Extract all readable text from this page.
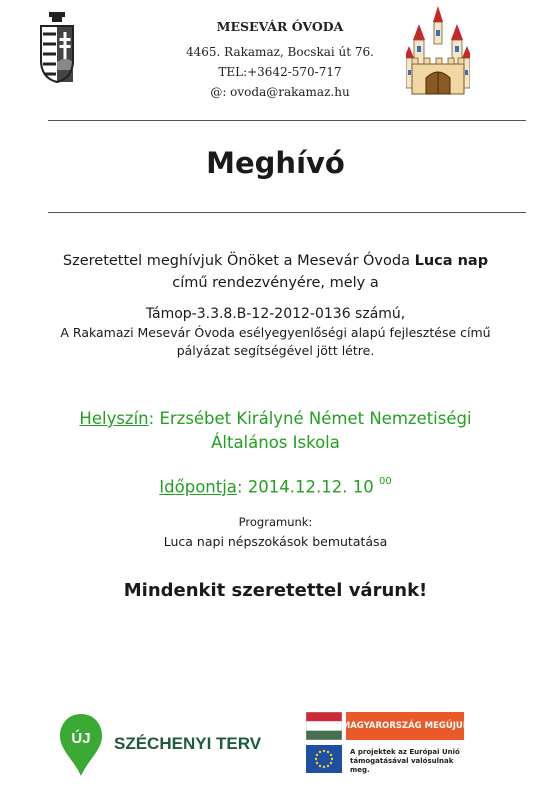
MESEVÁR ÓVODA
4465. Rakamaz, Bocskai út 76.
TEL:+3642-570-717
@: ovoda@rakamaz.hu
Meghívó
Szeretettel meghívjuk Önöket a Mesevár Óvoda Luca nap
című rendezvényére, mely a
Támop-3.3.8.B-12-2012-0136 számú,
A Rakamazi Mesevár Óvoda esélyegyenlőségi alapú fejlesztése című
pályázat segítségével jött létre.
Helyszín: Erzsébet Királyné Német Nemzetiségi
Általános Iskola
Időpontja: 2014.12.12. 10 $^{00}$
Programunk:
Luca napi népszokások bemutatása
Mindenkit szeretettel várunk!
ÚJ SZÉCHENYI TERV
MAGYARORSZÁG MEGÚJUL
A projektek az Európai Unió
támogatásával valósulnak meg.
